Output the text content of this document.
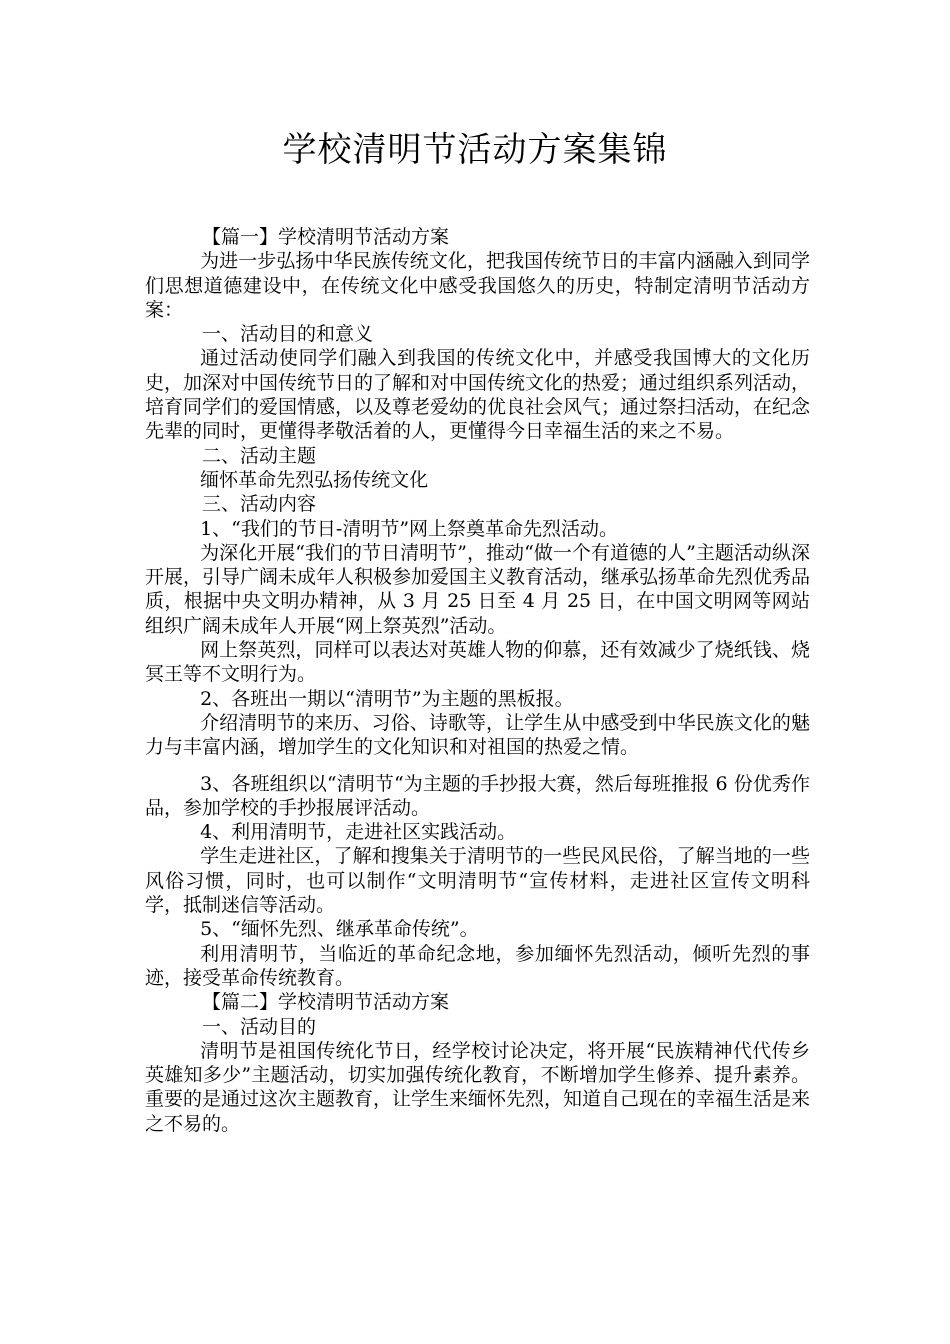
学校清明节活动方案集锦

【篇一】学校清明节活动方案

为进一步弘扬中华民族传统文化，把我国传统节日的丰富内涵融入到同学们思想道德建设中，在传统文化中感受我国悠久的历史，特制定清明节活动方案：

一、活动目的和意义

通过活动使同学们融入到我国的传统文化中，并感受我国博大的文化历史，加深对中国传统节日的了解和对中国传统文化的热爱；通过组织系列活动，培育同学们的爱国情感，以及尊老爱幼的优良社会风气；通过祭扫活动，在纪念先辈的同时，更懂得孝敬活着的人，更懂得今日幸福生活的来之不易。

二、活动主题

缅怀革命先烈弘扬传统文化

三、活动内容

1、“我们的节日-清明节”网上祭奠革命先烈活动。

为深化开展“我们的节日清明节”，推动“做一个有道德的人”主题活动纵深开展，引导广阔未成年人积极参加爱国主义教育活动，继承弘扬革命先烈优秀品质，根据中央文明办精神，从 3 月 25 日至 4 月 25 日，在中国文明网等网站组织广阔未成年人开展“网上祭英烈”活动。

网上祭英烈，同样可以表达对英雄人物的仰慕，还有效减少了烧纸钱、烧冥王等不文明行为。

2、各班出一期以“清明节”为主题的黑板报。

介绍清明节的来历、习俗、诗歌等，让学生从中感受到中华民族文化的魅力与丰富内涵，增加学生的文化知识和对祖国的热爱之情。

3、各班组织以“清明节“为主题的手抄报大赛，然后每班推报 6 份优秀作品，参加学校的手抄报展评活动。

4、利用清明节，走进社区实践活动。

学生走进社区，了解和搜集关于清明节的一些民风民俗，了解当地的一些风俗习惯，同时，也可以制作“文明清明节“宣传材料，走进社区宣传文明科学，抵制迷信等活动。

5、“缅怀先烈、继承革命传统”。

利用清明节，当临近的革命纪念地，参加缅怀先烈活动，倾听先烈的事迹，接受革命传统教育。

【篇二】学校清明节活动方案

一、活动目的

清明节是祖国传统化节日，经学校讨论决定，将开展“民族精神代代传乡英雄知多少”主题活动，切实加强传统化教育，不断增加学生修养、提升素养。重要的是通过这次主题教育，让学生来缅怀先烈，知道自己现在的幸福生活是来之不易的。
